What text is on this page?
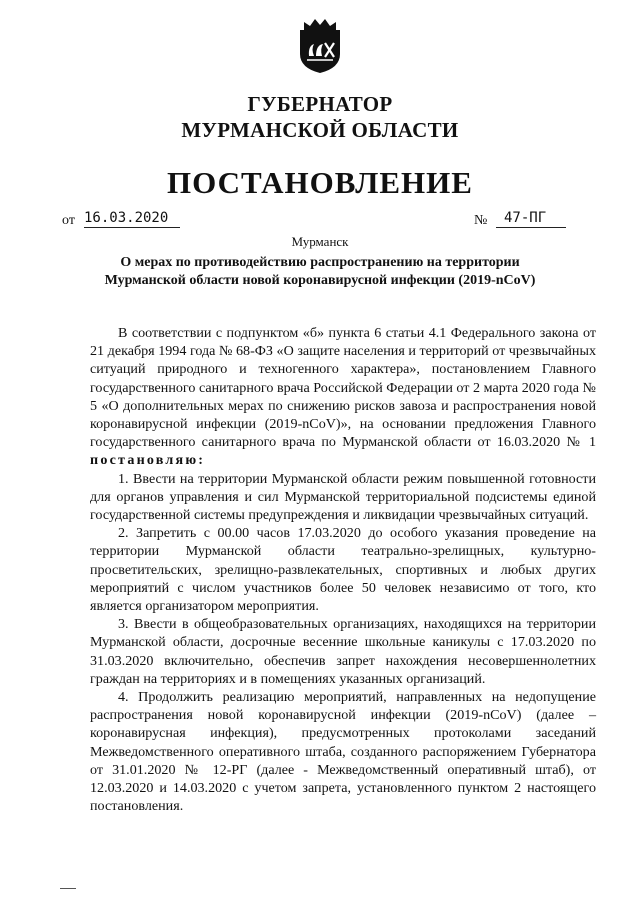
ГУБЕРНАТОР
МУРМАНСКОЙ ОБЛАСТИ
ПОСТАНОВЛЕНИЕ
от 16.03.2020	№	47-ПГ
Мурманск
О мерах по противодействию распространению на территории Мурманской области новой коронавирусной инфекции (2019-nCoV)

В соответствии с подпунктом «б» пункта 6 статьи 4.1 Федерального закона от 21 декабря 1994 года № 68-ФЗ «О защите населения и территорий от чрезвычайных ситуаций природного и техногенного характера», постановлением Главного государственного санитарного врача Российской Федерации от 2 марта 2020 года № 5 «О дополнительных мерах по снижению рисков завоза и распространения новой коронавирусной инфекции (2019-nCoV)», на основании предложения Главного государственного санитарного врача по Мурманской области от 16.03.2020 № 1 постановляю:

1. Ввести на территории Мурманской области режим повышенной готовности для органов управления и сил Мурманской территориальной подсистемы единой государственной системы предупреждения и ликвидации чрезвычайных ситуаций.

2. Запретить с 00.00 часов 17.03.2020 до особого указания проведение на территории Мурманской области театрально-зрелищных, культурно-просветительских, зрелищно-развлекательных, спортивных и любых других мероприятий с числом участников более 50 человек независимо от того, кто является организатором мероприятия.

3. Ввести в общеобразовательных организациях, находящихся на территории Мурманской области, досрочные весенние школьные каникулы с 17.03.2020 по 31.03.2020 включительно, обеспечив запрет нахождения несовершеннолетних граждан на территориях и в помещениях указанных организаций.

4. Продолжить реализацию мероприятий, направленных на недопущение распространения новой коронавирусной инфекции (2019-nCoV) (далее – коронавирусная инфекция), предусмотренных протоколами заседаний Межведомственного оперативного штаба, созданного распоряжением Губернатора от 31.01.2020 № 12-РГ (далее - Межведомственный оперативный штаб), от 12.03.2020 и 14.03.2020 с учетом запрета, установленного пунктом 2 настоящего постановления.
